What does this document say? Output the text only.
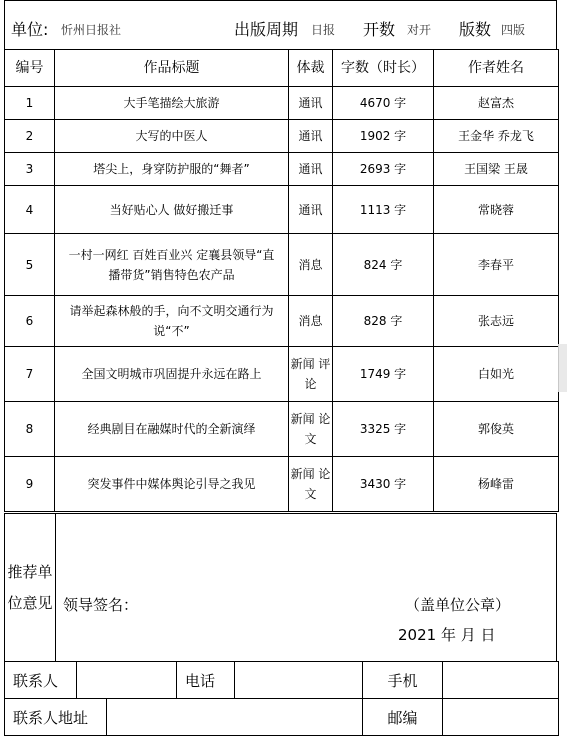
单位: 忻州日报社	出版周期 日报 开数 对开 版数 四版
编号	作品标题	体裁	字数（时长）	作者姓名
1	大手笔描绘大旅游	通讯	4670 字	赵富杰
2	大写的中医人	通讯	1902 字	王金华 乔龙飞
3	塔尖上，身穿防护服的“舞者”	通讯	2693 字	王国梁 王晟
4	当好贴心人 做好搬迁事	通讯	1113 字	常晓蓉
5	一村一网红 百姓百业兴 定襄县领导“直播带货”销售特色农产品	消息	824 字	李春平
6	请举起森林般的手，向不文明交通行为说“不”	消息	828 字	张志远
7	全国文明城市巩固提升永远在路上	新闻 评论	1749 字	白如光
8	经典剧目在融媒时代的全新演绎	新闻 论文	3325 字	郭俊英
9	突发事件中媒体舆论引导之我见	新闻 论文	3430 字	杨峰雷
推荐单位意见 领导签名：	（盖单位公章）
2021 年 月 日
联系人		电话		手机	
联系人地址		邮编	
